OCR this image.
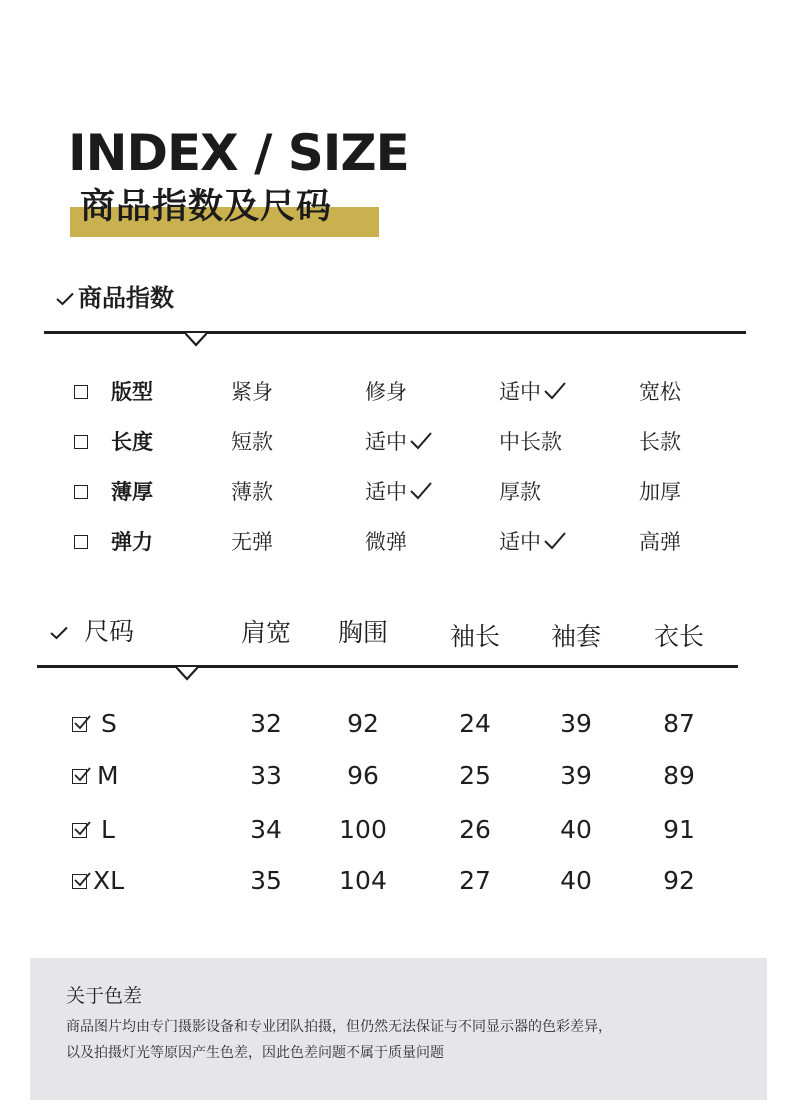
INDEX / SIZE
商品指数及尺码
商品指数
版型	紧身	修身	适中	宽松
长度	短款	适中	中长款	长款
薄厚	薄款	适中	厚款	加厚
弹力	无弹	微弹	适中	高弹
尺码	肩宽	胸围	袖长	袖套	衣长
S	32	92	24	39	87
M	33	96	25	39	89
L	34	100	26	40	91
XL	35	104	27	40	92
关于色差
商品图片均由专门摄影设备和专业团队拍摄，但仍然无法保证与不同显示器的色彩差异，
以及拍摄灯光等原因产生色差，因此色差问题不属于质量问题
